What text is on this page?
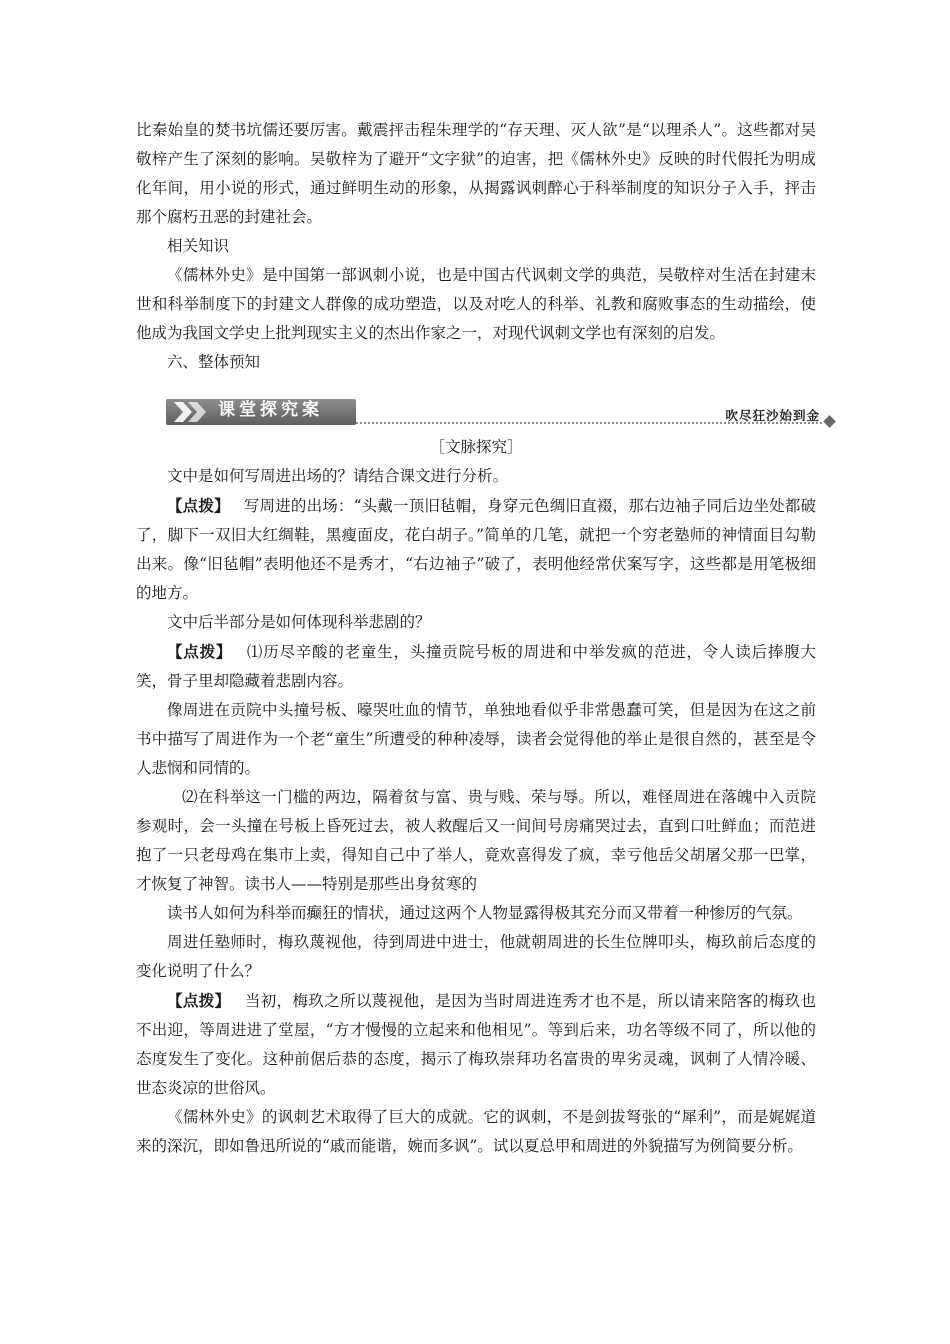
比秦始皇的焚书坑儒还要厉害。戴震抨击程朱理学的“存天理、灭人欲”是“以理杀人”。这些都对吴敬梓产生了深刻的影响。吴敬梓为了避开“文字狱”的迫害，把《儒林外史》反映的时代假托为明成化年间，用小说的形式，通过鲜明生动的形象，从揭露讽刺醉心于科举制度的知识分子入手，抨击那个腐朽丑恶的封建社会。

相关知识

《儒林外史》是中国第一部讽刺小说，也是中国古代讽刺文学的典范，吴敬梓对生活在封建末世和科举制度下的封建文人群像的成功塑造，以及对吃人的科举、礼教和腐败事态的生动描绘，使他成为我国文学史上批判现实主义的杰出作家之一，对现代讽刺文学也有深刻的启发。

六、整体预知

课堂探究案	吹尽狂沙始到金

［文脉探究］

文中是如何写周进出场的？请结合课文进行分析。

【点拨】 写周进的出场：“头戴一顶旧毡帽，身穿元色绸旧直裰，那右边袖子同后边坐处都破了，脚下一双旧大红绸鞋，黑瘦面皮，花白胡子。”简单的几笔，就把一个穷老塾师的神情面目勾勒出来。像“旧毡帽”表明他还不是秀才，“右边袖子”破了，表明他经常伏案写字，这些都是用笔极细的地方。

文中后半部分是如何体现科举悲剧的？

【点拨】 ⑴历尽辛酸的老童生，头撞贡院号板的周进和中举发疯的范进，令人读后捧腹大笑，骨子里却隐藏着悲剧内容。

像周进在贡院中头撞号板、嚎哭吐血的情节，单独地看似乎非常愚蠢可笑，但是因为在这之前书中描写了周进作为一个老“童生”所遭受的种种凌辱，读者会觉得他的举止是很自然的，甚至是令人悲悯和同情的。

⑵在科举这一门槛的两边，隔着贫与富、贵与贱、荣与辱。所以，难怪周进在落魄中入贡院参观时，会一头撞在号板上昏死过去，被人救醒后又一间间号房痛哭过去，直到口吐鲜血；而范进抱了一只老母鸡在集市上卖，得知自己中了举人，竟欢喜得发了疯，幸亏他岳父胡屠父那一巴掌，才恢复了神智。读书人——特别是那些出身贫寒的

读书人如何为科举而癫狂的情状，通过这两个人物显露得极其充分而又带着一种惨厉的气氛。

周进任塾师时，梅玖蔑视他，待到周进中进士，他就朝周进的长生位牌叩头，梅玖前后态度的变化说明了什么？

【点拨】 当初，梅玖之所以蔑视他，是因为当时周进连秀才也不是，所以请来陪客的梅玖也不出迎，等周进进了堂屋，“方才慢慢的立起来和他相见”。等到后来，功名等级不同了，所以他的态度发生了变化。这种前倨后恭的态度，揭示了梅玖崇拜功名富贵的卑劣灵魂，讽刺了人情冷暖、世态炎凉的世俗风。

《儒林外史》的讽刺艺术取得了巨大的成就。它的讽刺，不是剑拔弩张的“犀利”，而是娓娓道来的深沉，即如鲁迅所说的“戚而能谐，婉而多讽”。试以夏总甲和周进的外貌描写为例简要分析。
